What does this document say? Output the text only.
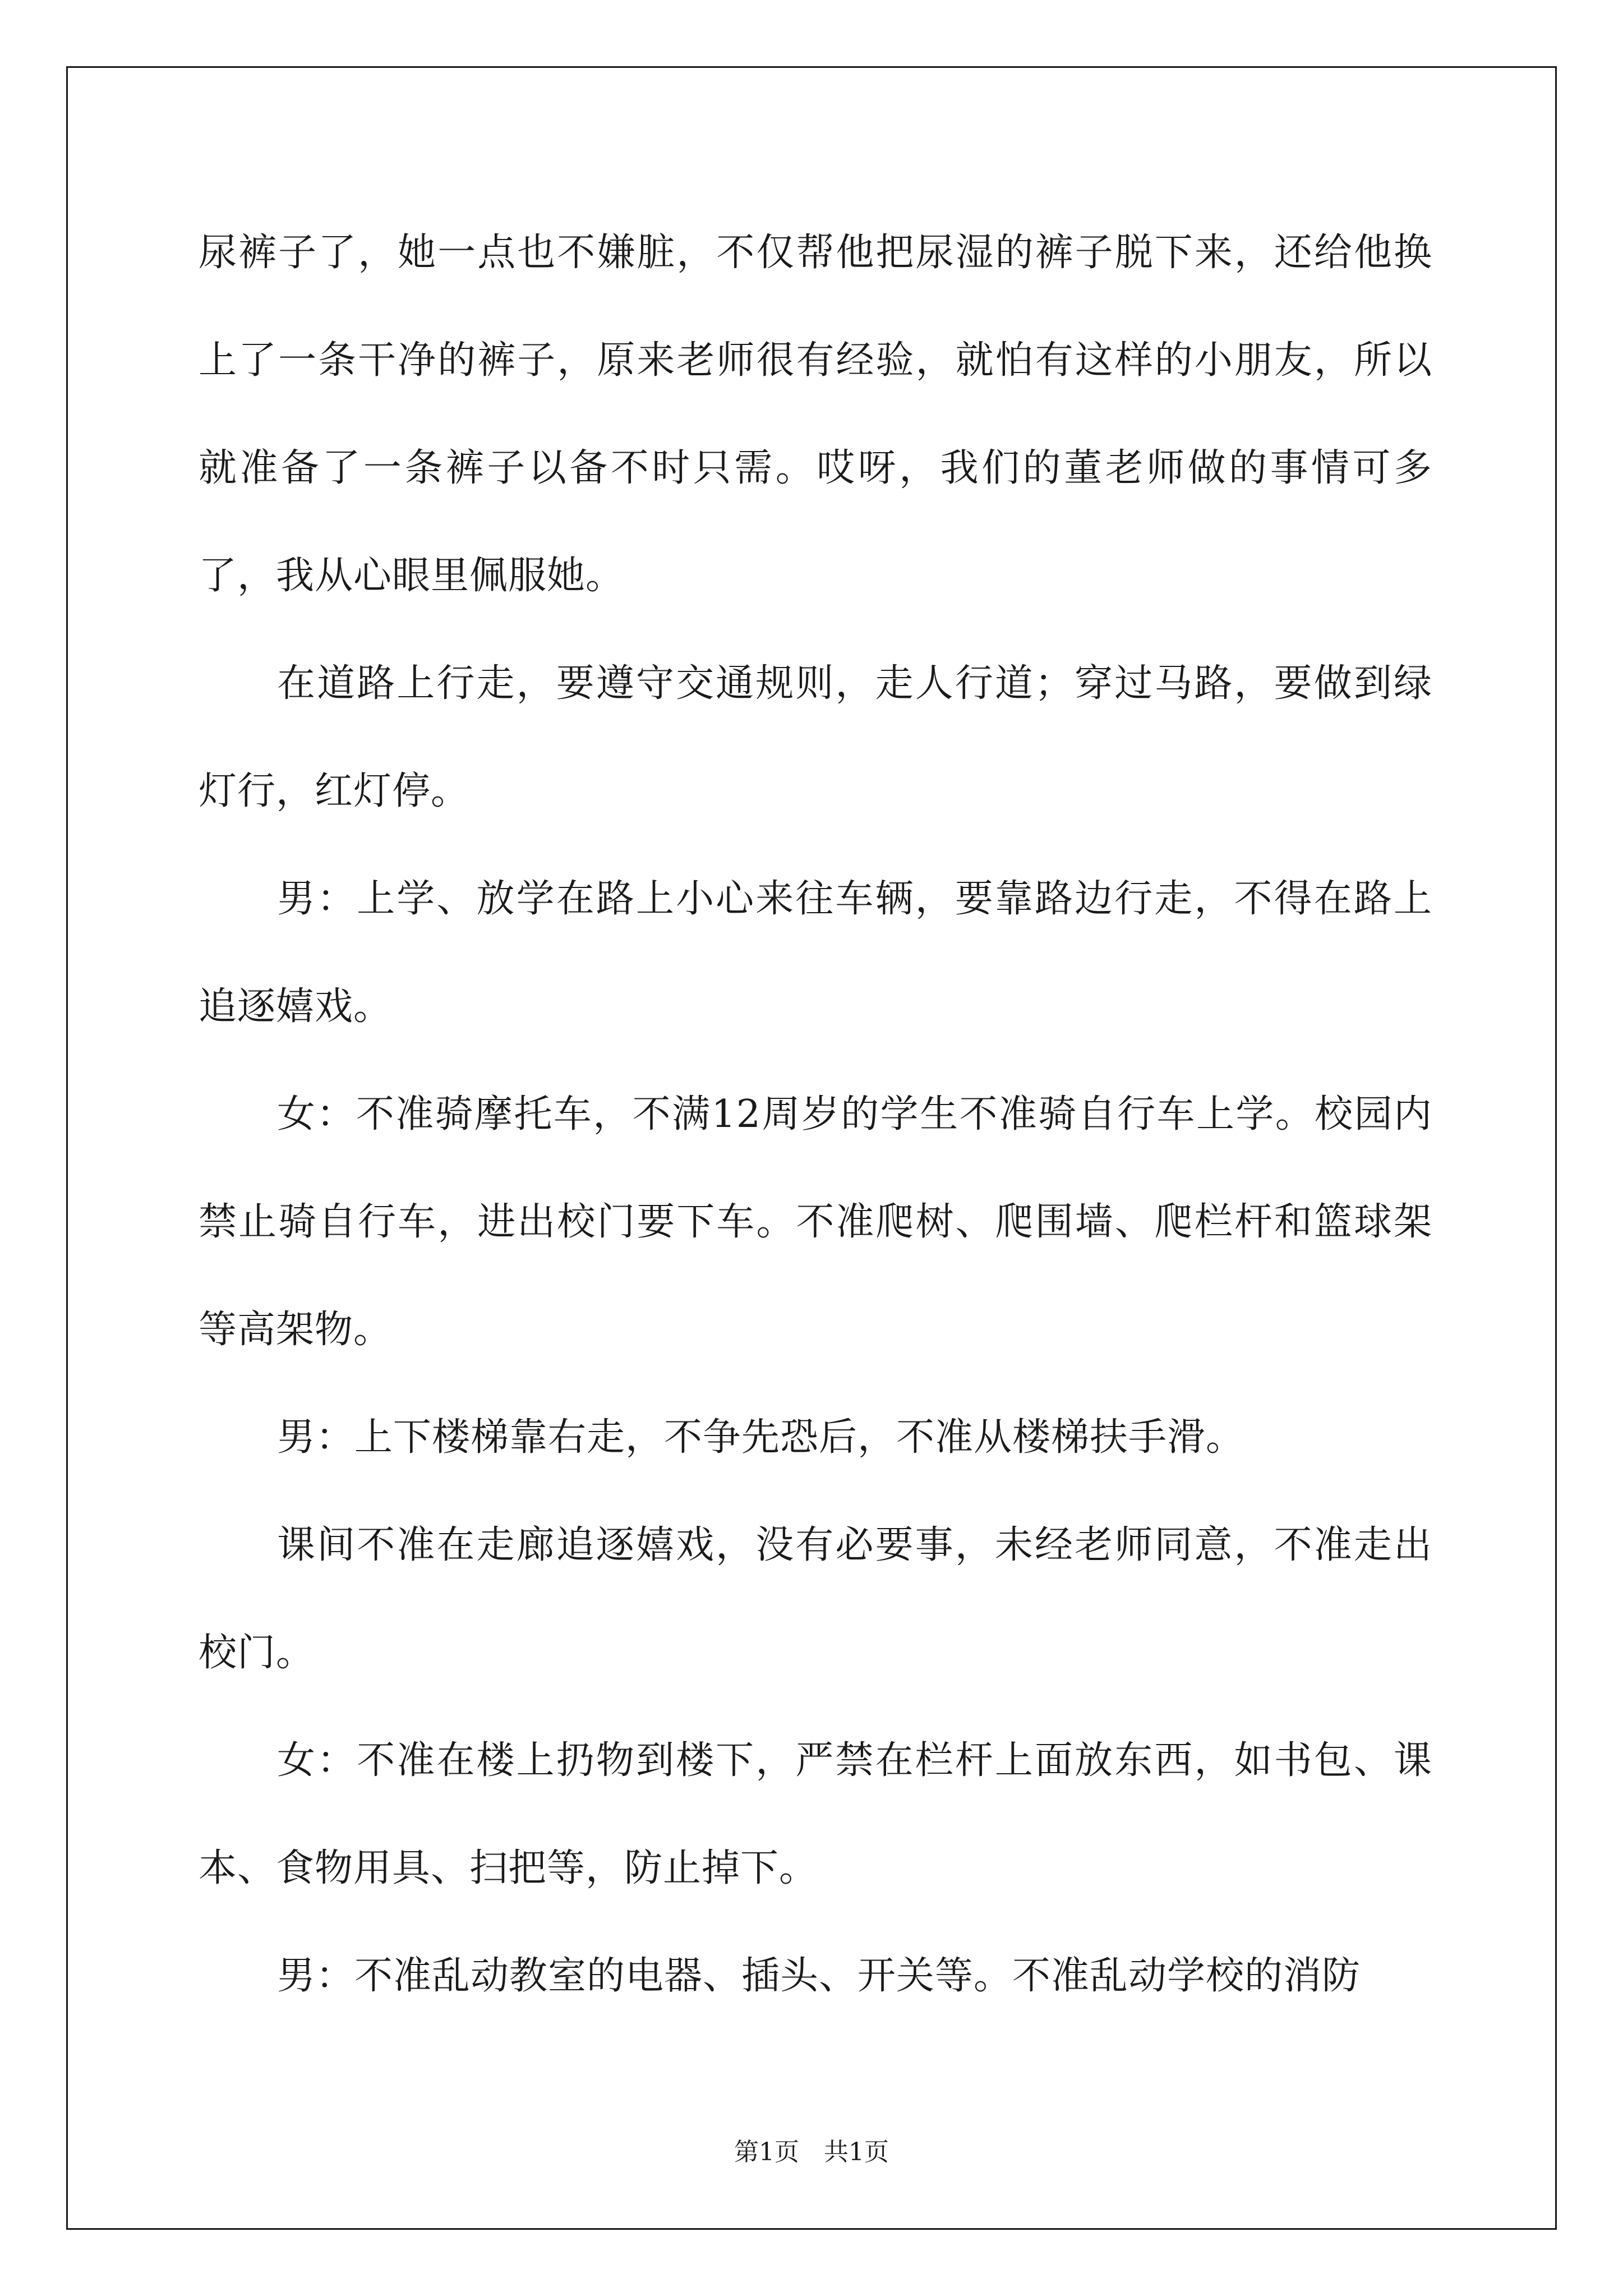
尿裤子了，她一点也不嫌脏，不仅帮他把尿湿的裤子脱下来，还给他换上了一条干净的裤子，原来老师很有经验，就怕有这样的小朋友，所以就准备了一条裤子以备不时只需。哎呀，我们的董老师做的事情可多了，我从心眼里佩服她。

在道路上行走，要遵守交通规则，走人行道；穿过马路，要做到绿灯行，红灯停。

男：上学、放学在路上小心来往车辆，要靠路边行走，不得在路上追逐嬉戏。

女：不准骑摩托车，不满12周岁的学生不准骑自行车上学。校园内禁止骑自行车，进出校门要下车。不准爬树、爬围墙、爬栏杆和篮球架等高架物。

男：上下楼梯靠右走，不争先恐后，不准从楼梯扶手滑。

课间不准在走廊追逐嬉戏，没有必要事，未经老师同意，不准走出校门。

女：不准在楼上扔物到楼下，严禁在栏杆上面放东西，如书包、课本、食物用具、扫把等，防止掉下。

男：不准乱动教室的电器、插头、开关等。不准乱动学校的消防

第1页　共1页
